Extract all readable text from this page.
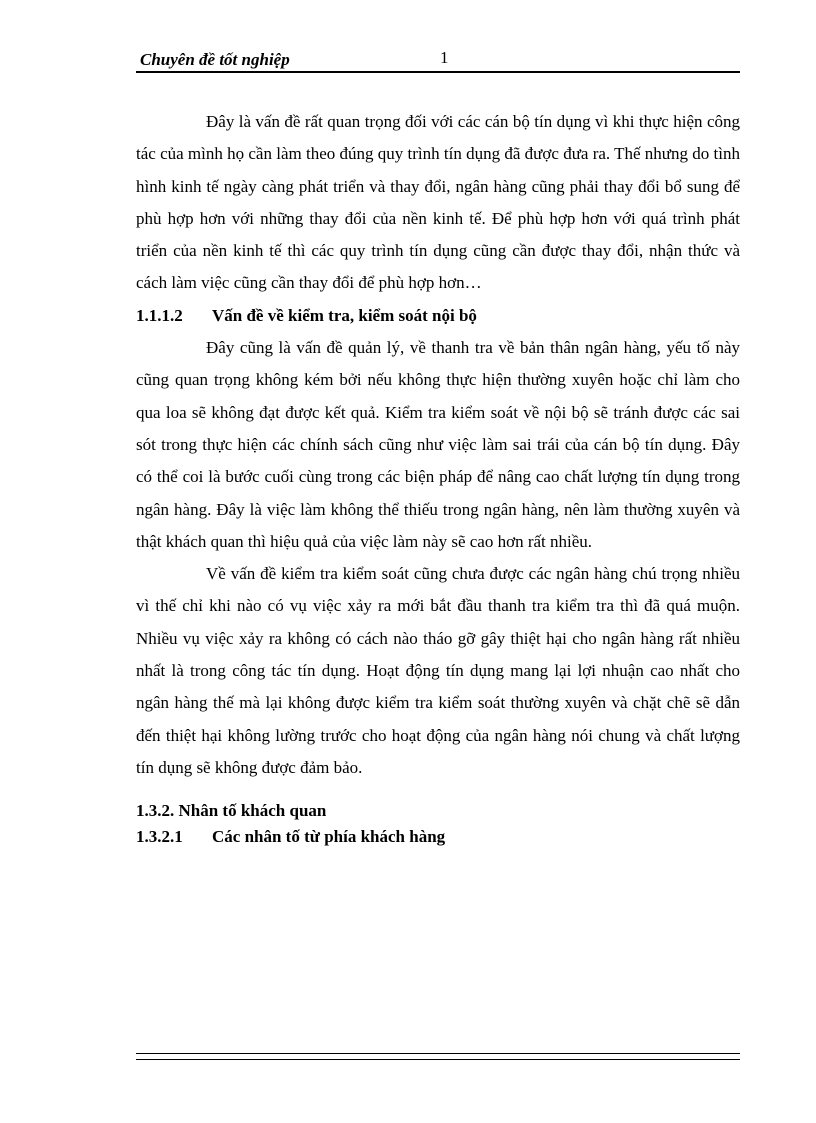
Chuyên đề tốt nghiệp	1

Đây là vấn đề rất quan trọng đối với các cán bộ tín dụng vì khi thực hiện công tác của mình họ cần làm theo đúng quy trình tín dụng đã được đưa ra. Thế nhưng do tình hình kinh tế ngày càng phát triển và thay đổi, ngân hàng cũng phải thay đổi bổ sung để phù hợp hơn với những thay đổi của nền kinh tế. Để phù hợp hơn với quá trình phát triển của nền kinh tế thì các quy trình tín dụng cũng cần được thay đổi, nhận thức và cách làm việc cũng cần thay đổi để phù hợp hơn…

1.1.1.2 Vấn đề về kiểm tra, kiểm soát nội bộ

Đây cũng là vấn đề quản lý, về thanh tra về bản thân ngân hàng, yếu tố này cũng quan trọng không kém bởi nếu không thực hiện thường xuyên hoặc chỉ làm cho qua loa sẽ không đạt được kết quả. Kiểm tra kiểm soát về nội bộ sẽ tránh được các sai sót trong thực hiện các chính sách cũng như việc làm sai trái của cán bộ tín dụng. Đây có thể coi là bước cuối cùng trong các biện pháp để nâng cao chất lượng tín dụng trong ngân hàng. Đây là việc làm không thể thiếu trong ngân hàng, nên làm thường xuyên và thật khách quan thì hiệu quả của việc làm này sẽ cao hơn rất nhiều.

Về vấn đề kiểm tra kiểm soát cũng chưa được các ngân hàng chú trọng nhiều vì thế chỉ khi nào có vụ việc xảy ra mới bắt đầu thanh tra kiểm tra thì đã quá muộn. Nhiều vụ việc xảy ra không có cách nào tháo gỡ gây thiệt hại cho ngân hàng rất nhiều nhất là trong công tác tín dụng. Hoạt động tín dụng mang lại lợi nhuận cao nhất cho ngân hàng thế mà lại không được kiểm tra kiểm soát thường xuyên và chặt chẽ sẽ dẫn đến thiệt hại không lường trước cho hoạt động của ngân hàng nói chung và chất lượng tín dụng sẽ không được đảm bảo.

1.3.2. Nhân tố khách quan

1.3.2.1 Các nhân tố từ phía khách hàng
